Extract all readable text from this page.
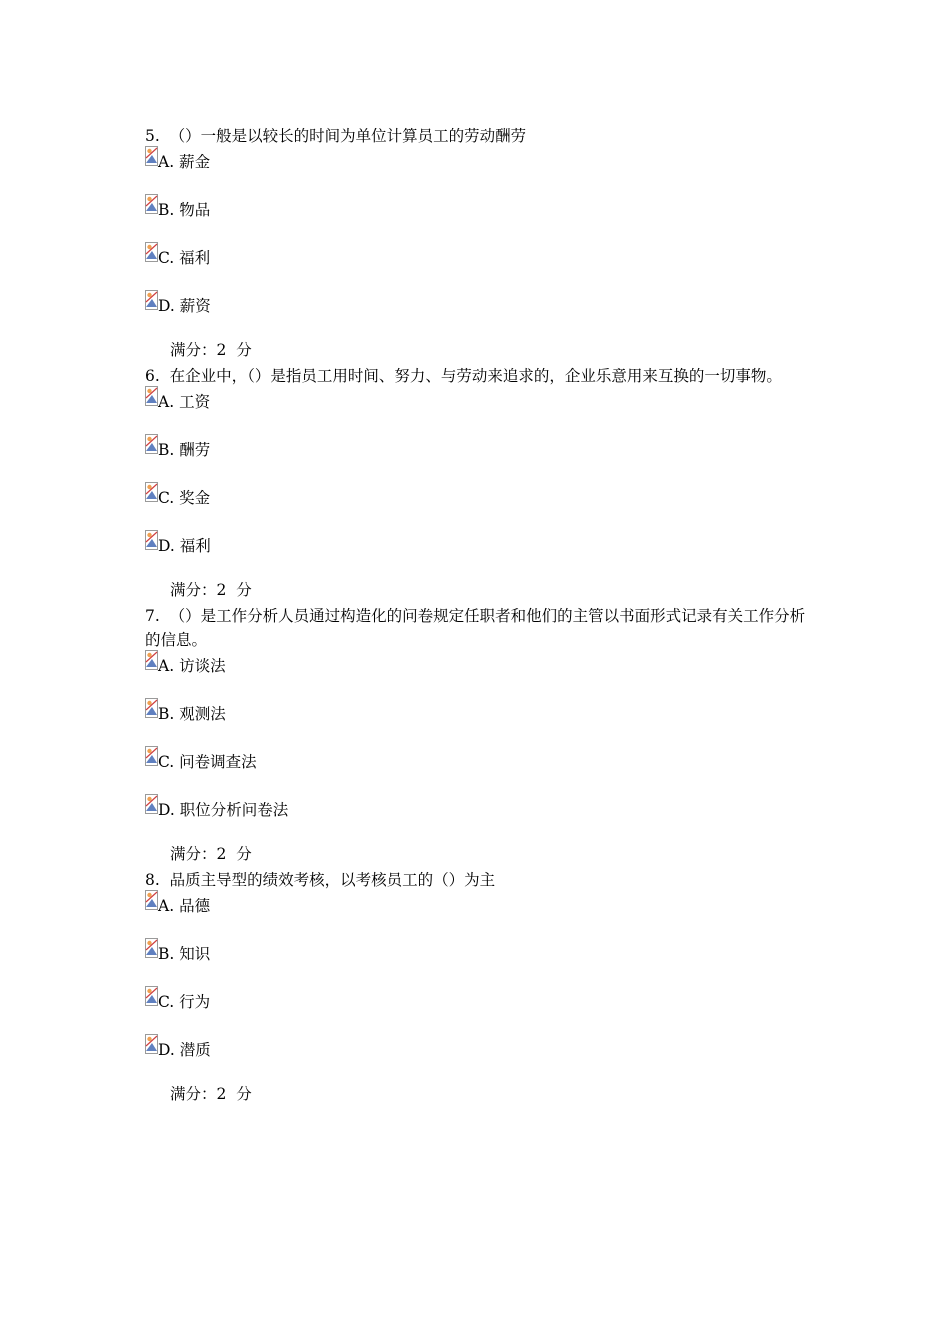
5. （）一般是以较长的时间为单位计算员工的劳动酬劳

A. 薪金
B. 物品
C. 福利
D. 薪资
满分：2 分

6. 在企业中，（）是指员工用时间、努力、与劳动来追求的，企业乐意用来互换的一切事物。

A. 工资
B. 酬劳
C. 奖金
D. 福利
满分：2 分

7. （）是工作分析人员通过构造化的问卷规定任职者和他们的主管以书面形式记录有关工作分析的信息。

A. 访谈法
B. 观测法
C. 问卷调查法
D. 职位分析问卷法
满分：2 分

8. 品质主导型的绩效考核，以考核员工的（）为主

A. 品德
B. 知识
C. 行为
D. 潜质
满分：2 分
